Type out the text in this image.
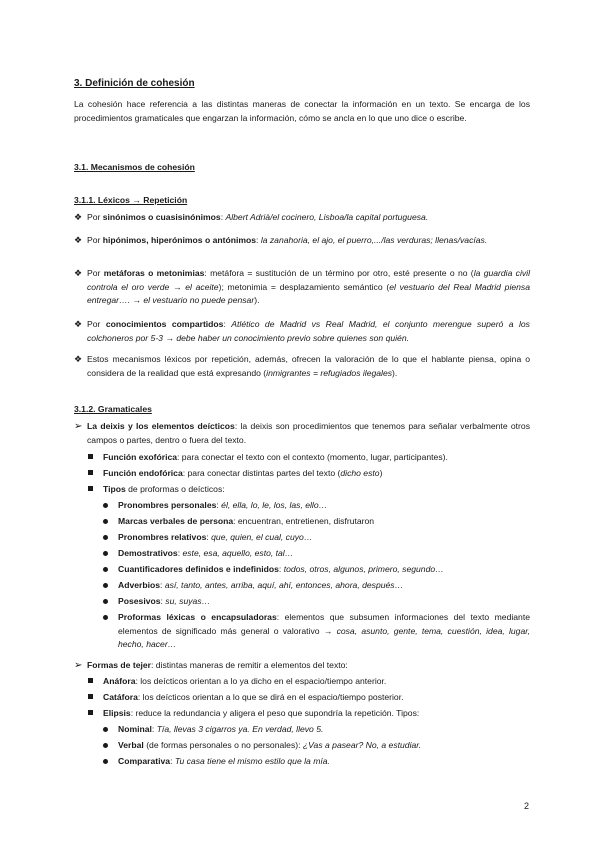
3. Definición de cohesión
La cohesión hace referencia a las distintas maneras de conectar la información en un texto. Se encarga de los procedimientos gramaticales que engarzan la información, cómo se ancla en lo que uno dice o escribe.
3.1. Mecanismos de cohesión
3.1.1. Léxicos → Repetición
❖ Por sinónimos o cuasisinónimos: Albert Adrià/el cocinero, Lisboa/la capital portuguesa.
❖ Por hipónimos, hiperónimos o antónimos: la zanahoria, el ajo, el puerro,.../las verduras; llenas/vacías.
❖ Por metáforas o metonimias: metáfora = sustitución de un término por otro, esté presente o no (la guardia civil controla el oro verde → el aceite); metonimia = desplazamiento semántico (el vestuario del Real Madrid piensa entregar…. → el vestuario no puede pensar).
❖ Por conocimientos compartidos: Atlético de Madrid vs Real Madrid, el conjunto merengue superó a los colchoneros por 5-3 → debe haber un conocimiento previo sobre quienes son quién.
❖ Estos mecanismos léxicos por repetición, además, ofrecen la valoración de lo que el hablante piensa, opina o considera de la realidad que está expresando (inmigrantes = refugiados ilegales).
3.1.2. Gramaticales
➢ La deixis y los elementos deícticos: la deixis son procedimientos que tenemos para señalar verbalmente otros campos o partes, dentro o fuera del texto.
Función exofórica: para conectar el texto con el contexto (momento, lugar, participantes).
Función endofórica: para conectar distintas partes del texto (dicho esto)
Tipos de proformas o deícticos:
Pronombres personales: él, ella, lo, le, los, las, ello…
Marcas verbales de persona: encuentran, entretienen, disfrutaron
Pronombres relativos: que, quien, el cual, cuyo…
Demostrativos: este, esa, aquello, esto, tal…
Cuantificadores definidos e indefinidos: todos, otros, algunos, primero, segundo…
Adverbios: así, tanto, antes, arriba, aquí, ahí, entonces, ahora, después…
Posesivos: su, suyas…
Proformas léxicas o encapsuladoras: elementos que subsumen informaciones del texto mediante elementos de significado más general o valorativo → cosa, asunto, gente, tema, cuestión, idea, lugar, hecho, hacer…
➢ Formas de tejer: distintas maneras de remitir a elementos del texto:
Anáfora: los deícticos orientan a lo ya dicho en el espacio/tiempo anterior.
Catáfora: los deícticos orientan a lo que se dirá en el espacio/tiempo posterior.
Elipsis: reduce la redundancia y aligera el peso que supondría la repetición. Tipos:
Nominal: Tía, llevas 3 cigarros ya. En verdad, llevo 5.
Verbal (de formas personales o no personales): ¿Vas a pasear? No, a estudiar.
Comparativa: Tu casa tiene el mismo estilo que la mía.
2
